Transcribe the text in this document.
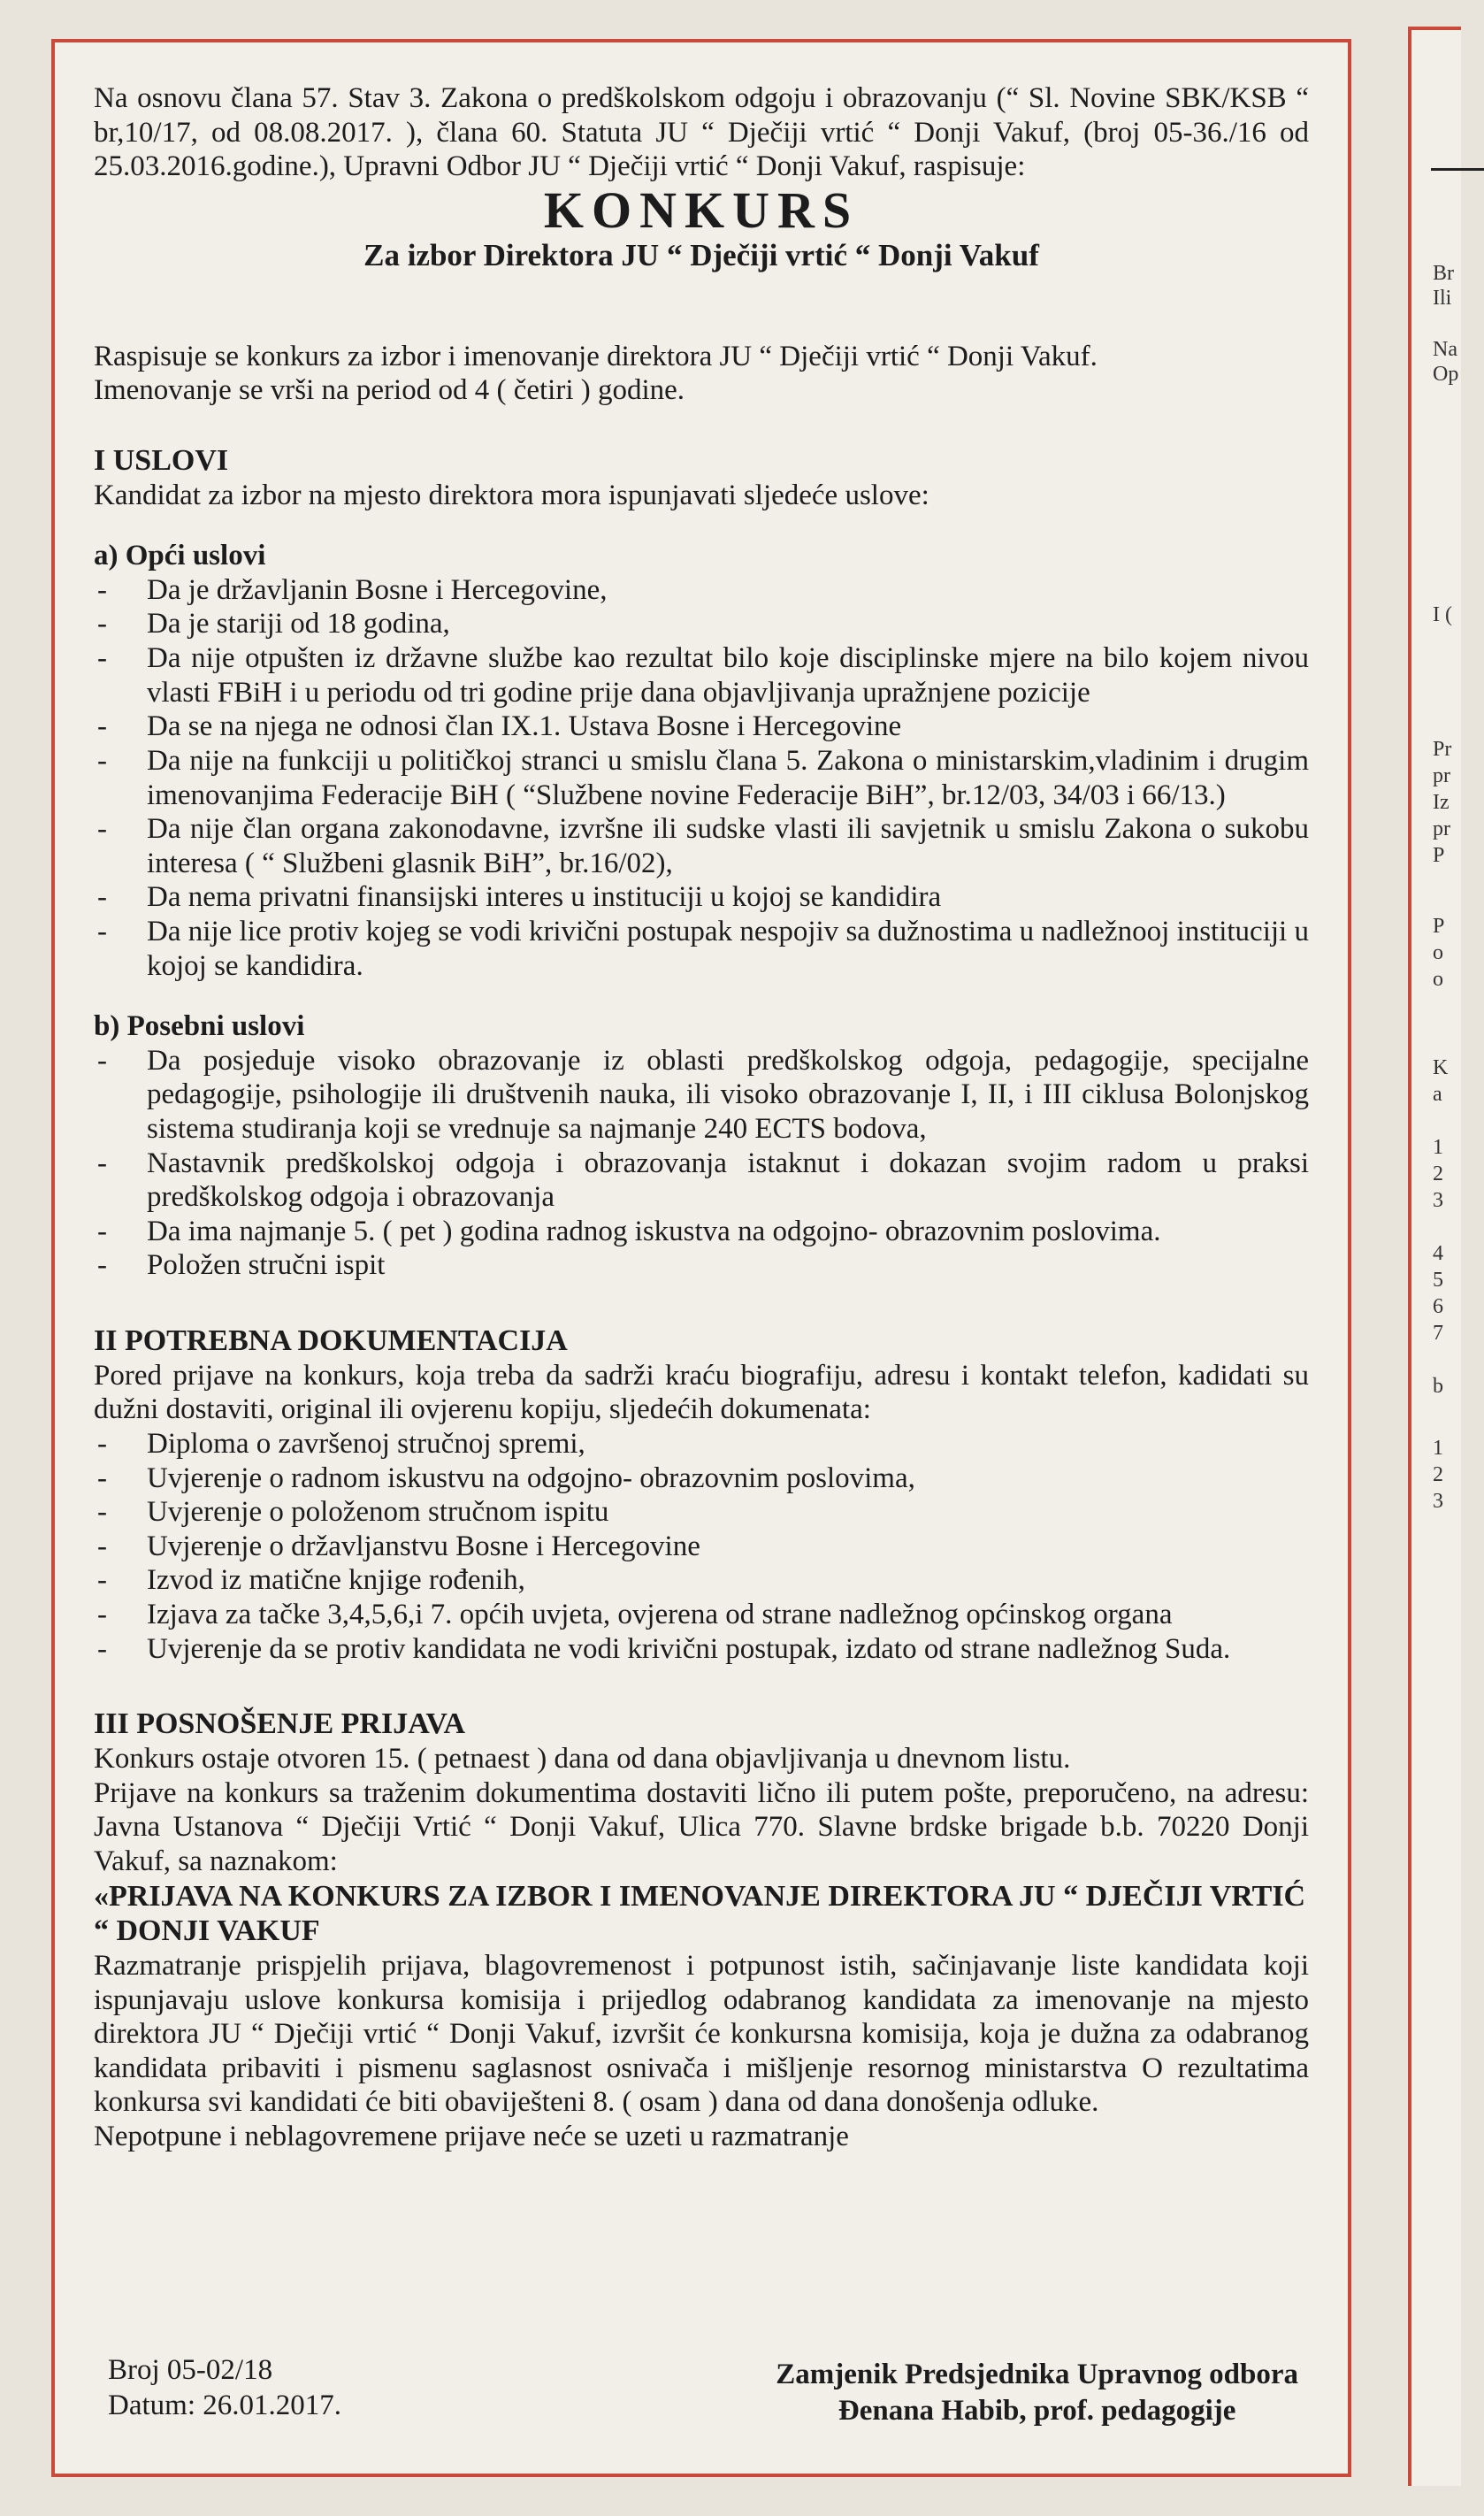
Na osnovu člana 57. Stav 3. Zakona o predškolskom odgoju i obrazovanju (“ Sl. Novine SBK/KSB “ br,10/17, od 08.08.2017. ), člana 60. Statuta JU “ Dječiji vrtić “ Donji Vakuf, (broj 05-36./16 od 25.03.2016.godine.), Upravni Odbor JU “ Dječiji vrtić “ Donji Vakuf, raspisuje:

KONKURS
Za izbor Direktora JU “ Dječiji vrtić “ Donji Vakuf

Raspisuje se konkurs za izbor i imenovanje direktora JU “ Dječiji vrtić “ Donji Vakuf.

Imenovanje se vrši na period od 4 ( četiri ) godine.

I USLOVI

Kandidat za izbor na mjesto direktora mora ispunjavati sljedeće uslove:

a) Opći uslovi
- Da je državljanin Bosne i Hercegovine,
- Da je stariji od 18 godina,
- Da nije otpušten iz državne službe kao rezultat bilo koje disciplinske mjere na bilo kojem nivou vlasti FBiH i u periodu od tri godine prije dana objavljivanja upražnjene pozicije
- Da se na njega ne odnosi član IX.1. Ustava Bosne i Hercegovine
- Da nije na funkciji u političkoj stranci u smislu člana 5. Zakona o ministarskim,vladinim i drugim imenovanjima Federacije BiH ( “Službene novine Federacije BiH”, br.12/03, 34/03 i 66/13.)
- Da nije član organa zakonodavne, izvršne ili sudske vlasti ili savjetnik u smislu Zakona o sukobu interesa ( “ Službeni glasnik BiH”, br.16/02),
- Da nema privatni finansijski interes u instituciji u kojoj se kandidira
- Da nije lice protiv kojeg se vodi krivični postupak nespojiv sa dužnostima u nadležnooj instituciji u kojoj se kandidira.
b) Posebni uslovi
- Da posjeduje visoko obrazovanje iz oblasti predškolskog odgoja, pedagogije, specijalne pedagogije, psihologije ili društvenih nauka, ili visoko obrazovanje I, II, i III ciklusa Bolonjskog sistema studiranja koji se vrednuje sa najmanje 240 ECTS bodova,
- Nastavnik predškolskoj odgoja i obrazovanja istaknut i dokazan svojim radom u praksi predškolskog odgoja i obrazovanja
- Da ima najmanje 5. ( pet ) godina radnog iskustva na odgojno- obrazovnim poslovima.
- Položen stručni ispit
II POTREBNA DOKUMENTACIJA

Pored prijave na konkurs, koja treba da sadrži kraću biografiju, adresu i kontakt telefon, kadidati su dužni dostaviti, original ili ovjerenu kopiju, sljedećih dokumenata:

- Diploma o završenoj stručnoj spremi,
- Uvjerenje o radnom iskustvu na odgojno- obrazovnim poslovima,
- Uvjerenje o položenom stručnom ispitu
- Uvjerenje o državljanstvu Bosne i Hercegovine
- Izvod iz matične knjige rođenih,
- Izjava za tačke 3,4,5,6,i 7. općih uvjeta, ovjerena od strane nadležnog općinskog organa
- Uvjerenje da se protiv kandidata ne vodi krivični postupak, izdato od strane nadležnog Suda.
III POSNOŠENJE PRIJAVA

Konkurs ostaje otvoren 15. ( petnaest ) dana od dana objavljivanja u dnevnom listu.

Prijave na konkurs sa traženim dokumentima dostaviti lično ili putem pošte, preporučeno, na adresu: Javna Ustanova “ Dječiji Vrtić “ Donji Vakuf, Ulica 770. Slavne brdske brigade b.b. 70220 Donji Vakuf, sa naznakom:

«PRIJAVA NA KONKURS ZA IZBOR I IMENOVANJE DIREKTORA JU “ DJEČIJI VRTIĆ “ DONJI VAKUF

Razmatranje prispjelih prijava, blagovremenost i potpunost istih, sačinjavanje liste kandidata koji ispunjavaju uslove konkursa komisija i prijedlog odabranog kandidata za imenovanje na mjesto direktora JU “ Dječiji vrtić “ Donji Vakuf, izvršit će konkursna komisija, koja je dužna za odabranog kandidata pribaviti i pismenu saglasnost osnivača i mišljenje resornog ministarstva O rezultatima konkursa svi kandidati će biti obaviješteni 8. ( osam ) dana od dana donošenja odluke.

Nepotpune i neblagovremene prijave neće se uzeti u razmatranje

Broj 05-02/18
Datum: 26.01.2017.
Zamjenik Predsjednika Upravnog odbora
Đenana Habib, prof. pedagogije
Br
Ili
Na
Op
I (
Pr
pr
Iz
pr
P
P
o
o
K
a
1
2
3
4
5
6
7
b
1
2
3
